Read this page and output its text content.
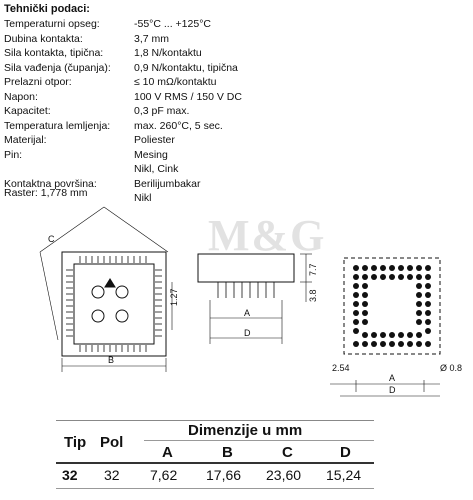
Tehnički podaci:
Temperaturni opseg:	-55°C ... +125°C
Dubina kontakta:	3,7 mm
Sila kontakta, tipična:	1,8 N/kontaktu
Sila vađenja (čupanja):	0,9 N/kontaktu, tipična
Prelazni otpor:	≤ 10 mΩ/kontaktu
Napon:	100 V RMS / 150 V DC
Kapacitet:	0,3 pF max.
Temperatura lemljenja:	max. 260°C, 5 sec.
Materijal:	Poliester
Pin:	Mesing
Nikl, Cink
Kontaktna površina:	Berilijumbakar
Nikl
Raster: 1,778 mm
M&G
C
B
A
D
A
D
1.27	3.8
7.7
2.54	Ø 0.8
Tip Pol
Dimenzije u mm
A	B	C	D
32 32 7,62 17,66 23,60 15,24
